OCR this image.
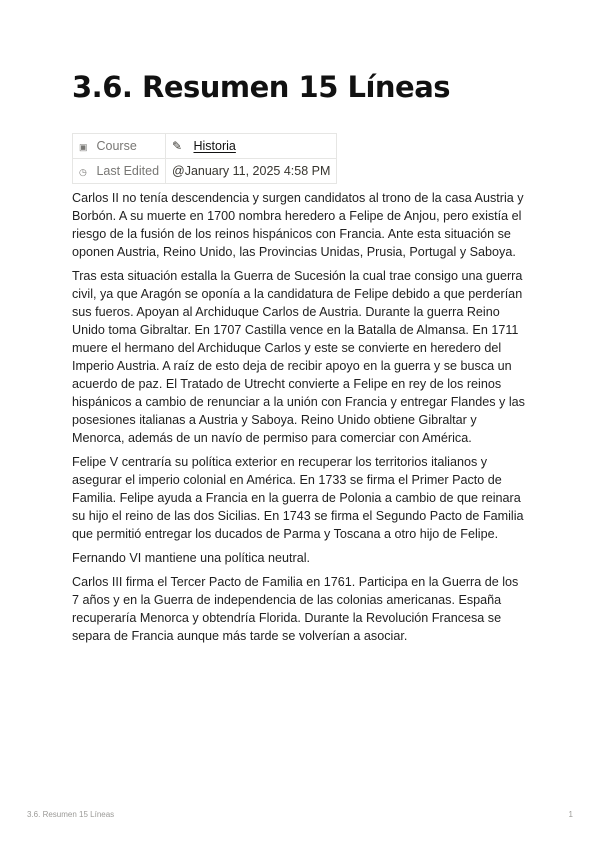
3.6. Resumen 15 Líneas
▣ Course	✎ Historia
◷ Last Edited	@January 11, 2025 4:58 PM

Carlos II no tenía descendencia y surgen candidatos al trono de la casa Austria y Borbón. A su muerte en 1700 nombra heredero a Felipe de Anjou, pero existía el riesgo de la fusión de los reinos hispánicos con Francia. Ante esta situación se oponen Austria, Reino Unido, las Provincias Unidas, Prusia, Portugal y Saboya.

Tras esta situación estalla la Guerra de Sucesión la cual trae consigo una guerra civil, ya que Aragón se oponía a la candidatura de Felipe debido a que perderían sus fueros. Apoyan al Archiduque Carlos de Austria. Durante la guerra Reino Unido toma Gibraltar. En 1707 Castilla vence en la Batalla de Almansa. En 1711 muere el hermano del Archiduque Carlos y este se convierte en heredero del Imperio Austria. A raíz de esto deja de recibir apoyo en la guerra y se busca un acuerdo de paz. El Tratado de Utrecht convierte a Felipe en rey de los reinos hispánicos a cambio de renunciar a la unión con Francia y entregar Flandes y las posesiones italianas a Austria y Saboya. Reino Unido obtiene Gibraltar y Menorca, además de un navío de permiso para comerciar con América.

Felipe V centraría su política exterior en recuperar los territorios italianos y asegurar el imperio colonial en América. En 1733 se firma el Primer Pacto de Familia. Felipe ayuda a Francia en la guerra de Polonia a cambio de que reinara su hijo el reino de las dos Sicilias. En 1743 se firma el Segundo Pacto de Familia que permitió entregar los ducados de Parma y Toscana a otro hijo de Felipe.

Fernando VI mantiene una política neutral.

Carlos III firma el Tercer Pacto de Familia en 1761. Participa en la Guerra de los 7 años y en la Guerra de independencia de las colonias americanas. España recuperaría Menorca y obtendría Florida. Durante la Revolución Francesa se separa de Francia aunque más tarde se volverían a asociar.

3.6. Resumen 15 Líneas	1
